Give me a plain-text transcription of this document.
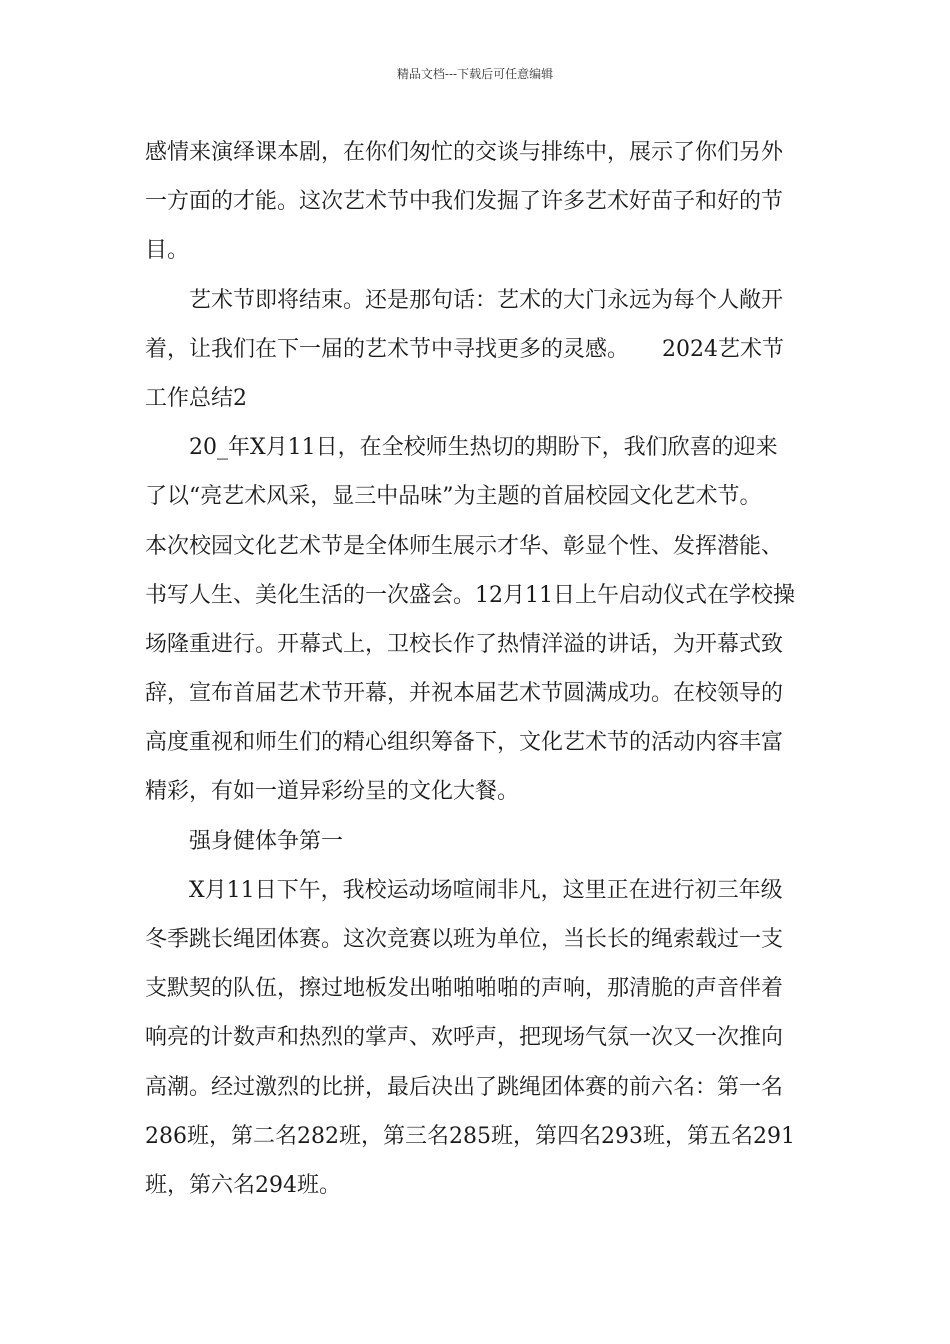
精品文档---下载后可任意编辑
感情来演绎课本剧，在你们匆忙的交谈与排练中，展示了你们另外
一方面的才能。这次艺术节中我们发掘了许多艺术好苗子和好的节
目。
艺术节即将结束。还是那句话：艺术的大门永远为每个人敞开
着，让我们在下一届的艺术节中寻找更多的灵感。　　2024艺术节
工作总结2
20_年X月11日，在全校师生热切的期盼下，我们欣喜的迎来
了以“亮艺术风采，显三中品味”为主题的首届校园文化艺术节。
本次校园文化艺术节是全体师生展示才华、彰显个性、发挥潜能、
书写人生、美化生活的一次盛会。12月11日上午启动仪式在学校操
场隆重进行。开幕式上，卫校长作了热情洋溢的讲话，为开幕式致
辞，宣布首届艺术节开幕，并祝本届艺术节圆满成功。在校领导的
高度重视和师生们的精心组织筹备下，文化艺术节的活动内容丰富
精彩，有如一道异彩纷呈的文化大餐。
强身健体争第一
X月11日下午，我校运动场喧闹非凡，这里正在进行初三年级
冬季跳长绳团体赛。这次竞赛以班为单位，当长长的绳索载过一支
支默契的队伍，擦过地板发出啪啪啪啪的声响，那清脆的声音伴着
响亮的计数声和热烈的掌声、欢呼声，把现场气氛一次又一次推向
高潮。经过激烈的比拼，最后决出了跳绳团体赛的前六名：第一名
286班，第二名282班，第三名285班，第四名293班，第五名291
班，第六名294班。
